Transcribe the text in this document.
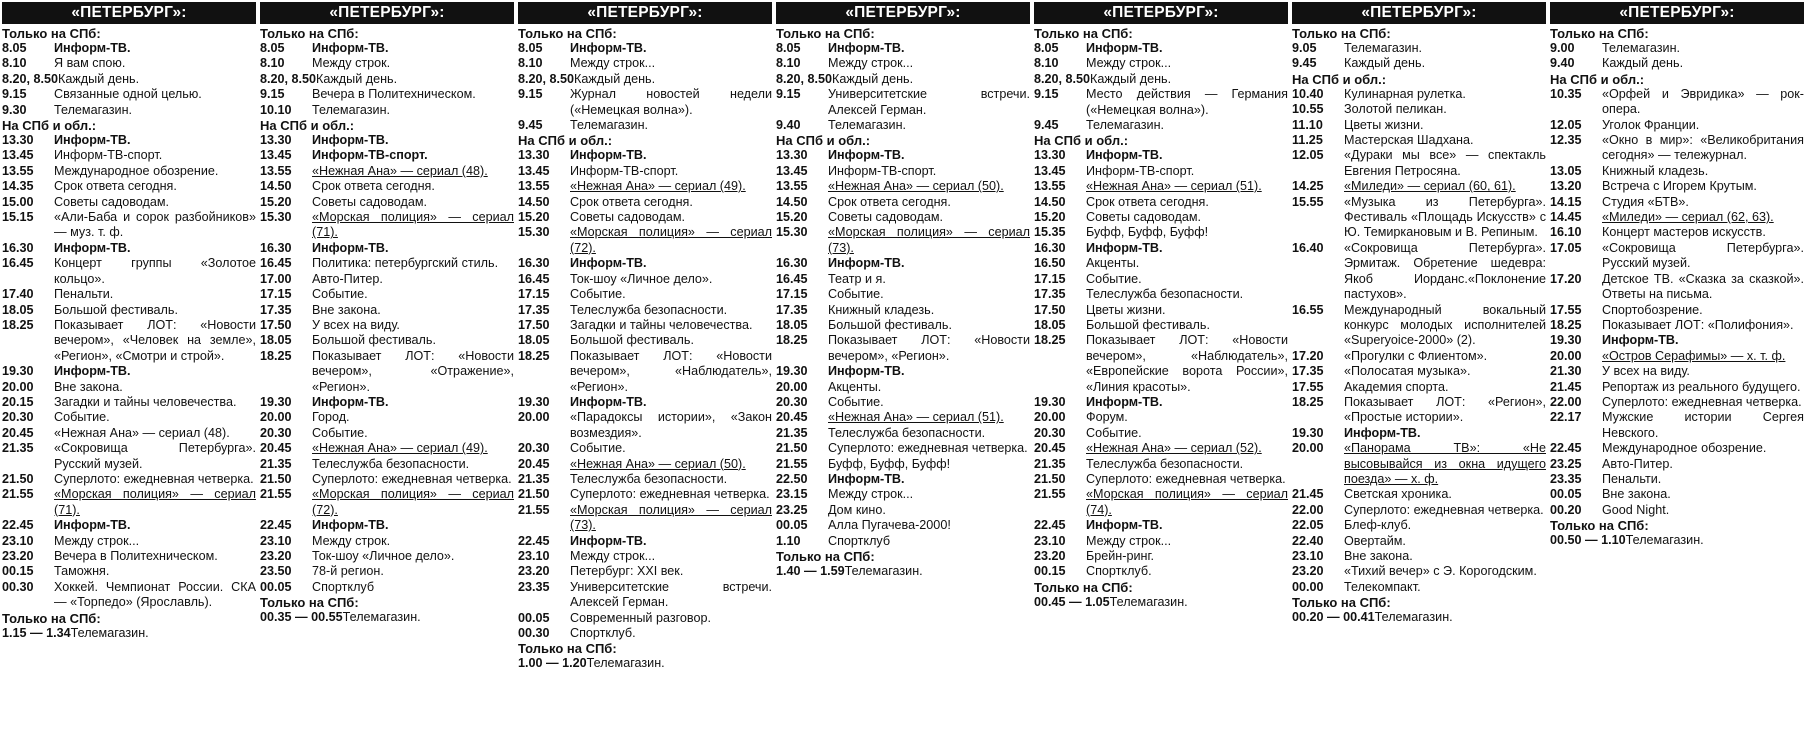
«ПЕТЕРБУРГ»:
Только на СПб:
8.05	Информ-ТВ.
8.10	Я вам спою.
8.20, 8.50 Каждый день.
9.15	Связанные одной целью.
9.30	Телемагазин.
На СПб и обл.:
13.30	Информ-ТВ.
13.45	Информ-ТВ-спорт.
13.55	Международное обозрение.
14.35	Срок ответа сегодня.
15.00	Советы садоводам.
15.15	«Али-Баба и сорок разбойников» — муз. т. ф.
16.30	Информ-ТВ.
16.45	Концерт группы «Золотое кольцо».
17.40	Пенальти.
18.05	Большой фестиваль.
18.25	Показывает ЛОТ: «Новости вечером», «Человек на земле», «Регион», «Смотри и строй».
19.30	Информ-ТВ.
20.00	Вне закона.
20.15	Загадки и тайны человечества.
20.30	Событие.
20.45	«Нежная Ана» — сериал (48).
21.35	«Сокровища Петербурга». Русский музей.
21.50	Суперлото: ежедневная четверка.
21.55	«Морская полиция» — сериал (71).
22.45	Информ-ТВ.
23.10	Между строк...
23.20	Вечера в Политехническом.
00.15	Таможня.
00.30	Хоккей. Чемпионат России. СКА — «Торпедо» (Ярославль).
Только на СПб:
1.15 — 1.34 Телемагазин.
«ПЕТЕРБУРГ»:
Только на СПб:
8.05	Информ-ТВ.
8.10	Между строк.
8.20, 8.50 Каждый день.
9.15	Вечера в Политехническом.
10.10	Телемагазин.
На СПб и обл.:
13.30	Информ-ТВ.
13.45	Информ-ТВ-спорт.
13.55	«Нежная Ана» — сериал (48).
14.50	Срок ответа сегодня.
15.20	Советы садоводам.
15.30	«Морская полиция» — сериал (71).
16.30	Информ-ТВ.
16.45	Политика: петербургский стиль.
17.00	Авто-Питер.
17.15	Событие.
17.35	Вне закона.
17.50	У всех на виду.
18.05	Большой фестиваль.
18.25	Показывает ЛОТ: «Новости вечером», «Отражение», «Регион».
19.30	Информ-ТВ.
20.00	Город.
20.30	Событие.
20.45	«Нежная Ана» — сериал (49).
21.35	Телеслужба безопасности.
21.50	Суперлото: ежедневная четверка.
21.55	«Морская полиция» — сериал (72).
22.45	Информ-ТВ.
23.10	Между строк.
23.20	Ток-шоу «Личное дело».
23.50	78-й регион.
00.05	Спортклуб
Только на СПб:
00.35 — 00.55 Телемагазин.
«ПЕТЕРБУРГ»:
Только на СПб:
8.05	Информ-ТВ.
8.10	Между строк...
8.20, 8.50 Каждый день.
9.15	Журнал новостей недели («Немецкая волна»).
9.45	Телемагазин.
На СПб и обл.:
13.30	Информ-ТВ.
13.45	Информ-ТВ-спорт.
13.55	«Нежная Ана» — сериал (49).
14.50	Срок ответа сегодня.
15.20	Советы садоводам.
15.30	«Морская полиция» — сериал (72).
16.30	Информ-ТВ.
16.45	Ток-шоу «Личное дело».
17.15	Событие.
17.35	Телеслужба безопасности.
17.50	Загадки и тайны человечества.
18.05	Большой фестиваль.
18.25	Показывает ЛОТ: «Новости вечером», «Наблюдатель», «Регион».
19.30	Информ-ТВ.
20.00	«Парадоксы истории», «Закон возмездия».
20.30	Событие.
20.45	«Нежная Ана» — сериал (50).
21.35	Телеслужба безопасности.
21.50	Суперлото: ежедневная четверка.
21.55	«Морская полиция» — сериал (73).
22.45	Информ-ТВ.
23.10	Между строк...
23.20	Петербург: XXI век.
23.35	Университетские встречи. Алексей Герман.
00.05	Современный разговор.
00.30	Спортклуб.
Только на СПб:
1.00 — 1.20 Телемагазин.
«ПЕТЕРБУРГ»:
Только на СПб:
8.05	Информ-ТВ.
8.10	Между строк...
8.20, 8.50 Каждый день.
9.15	Университетские встречи. Алексей Герман.
9.40	Телемагазин.
На СПб и обл.:
13.30	Информ-ТВ.
13.45	Информ-ТВ-спорт.
13.55	«Нежная Ана» — сериал (50).
14.50	Срок ответа сегодня.
15.20	Советы садоводам.
15.30	«Морская полиция» — сериал (73).
16.30	Информ-ТВ.
16.45	Театр и я.
17.15	Событие.
17.35	Книжный кладезь.
18.05	Большой фестиваль.
18.25	Показывает ЛОТ: «Новости вечером», «Регион».
19.30	Информ-ТВ.
20.00	Акценты.
20.30	Событие.
20.45	«Нежная Ана» — сериал (51).
21.35	Телеслужба безопасности.
21.50	Суперлото: ежедневная четверка.
21.55	Буфф, Буфф, Буфф!
22.50	Информ-ТВ.
23.15	Между строк...
23.25	Дом кино.
00.05	Алла Пугачева-2000!
1.10	Спортклуб
Только на СПб:
1.40 — 1.59 Телемагазин.
«ПЕТЕРБУРГ»:
Только на СПб:
8.05	Информ-ТВ.
8.10	Между строк...
8.20, 8.50 Каждый день.
9.15	Место действия — Германия («Немецкая волна»).
9.45	Телемагазин.
На СПб и обл.:
13.30	Информ-ТВ.
13.45	Информ-ТВ-спорт.
13.55	«Нежная Ана» — сериал (51).
14.50	Срок ответа сегодня.
15.20	Советы садоводам.
15.35	Буфф, Буфф, Буфф!
16.30	Информ-ТВ.
16.50	Акценты.
17.15	Событие.
17.35	Телеслужба безопасности.
17.50	Цветы жизни.
18.05	Большой фестиваль.
18.25	Показывает ЛОТ: «Новости вечером», «Наблюдатель», «Европейские ворота России», «Линия красоты».
19.30	Информ-ТВ.
20.00	Форум.
20.30	Событие.
20.45	«Нежная Ана» — сериал (52).
21.35	Телеслужба безопасности.
21.50	Суперлото: ежедневная четверка.
21.55	«Морская полиция» — сериал (74).
22.45	Информ-ТВ.
23.10	Между строк...
23.20	Брейн-ринг.
00.15	Спортклуб.
Только на СПб:
00.45 — 1.05 Телемагазин.
«ПЕТЕРБУРГ»:
Только на СПб:
9.05	Телемагазин.
9.45	Каждый день.
На СПб и обл.:
10.40	Кулинарная рулетка.
10.55	Золотой пеликан.
11.10	Цветы жизни.
11.25	Мастерская Шадхана.
12.05	«Дураки мы все» — спектакль Евгения Петросяна.
14.25	«Миледи» — сериал (60, 61).
15.55	«Музыка из Петербурга». Фестиваль «Площадь Искусств» с Ю. Темиркановым и В. Репиным.
16.40	«Сокровища Петербурга». Эрмитаж. Обретение шедевра: Якоб Иорданс.«Поклонение пастухов».
16.55	Международный вокальный конкурс молодых исполнителей «Superyoice-2000» (2).
17.20	«Прогулки с Флиентом».
17.35	«Полосатая музыка».
17.55	Академия спорта.
18.25	Показывает ЛОТ: «Регион», «Простые истории».
19.30	Информ-ТВ.
20.00	«Панорама ТВ»: «Не высовывайся из окна идущего поезда» — х. ф.
21.45	Светская хроника.
22.00	Суперлото: ежедневная четверка.
22.05	Блеф-клуб.
22.40	Овертайм.
23.10	Вне закона.
23.20	«Тихий вечер» с Э. Корогодским.
00.00	Телекомпакт.
Только на СПб:
00.20 — 00.41 Телемагазин.
«ПЕТЕРБУРГ»:
Только на СПб:
9.00	Телемагазин.
9.40	Каждый день.
На СПб и обл.:
10.35	«Орфей и Эвридика» — рок-опера.
12.05	Уголок Франции.
12.35	«Окно в мир»: «Великобритания сегодня» — тележурнал.
13.05	Книжный кладезь.
13.20	Встреча с Игорем Крутым.
14.15	Студия «БТВ».
14.45	«Миледи» — сериал (62, 63).
16.10	Концерт мастеров искусств.
17.05	«Сокровища Петербурга». Русский музей.
17.20	Детское ТВ. «Сказка за сказкой». Ответы на письма.
17.55	Спортобозрение.
18.25	Показывает ЛОТ: «Полифония».
19.30	Информ-ТВ.
20.00	«Остров Серафимы» — х. т. ф.
21.30	У всех на виду.
21.45	Репортаж из реального будущего.
22.00	Суперлото: ежедневная четверка.
22.17	Мужские истории Сергея Невского.
22.45	Международное обозрение.
23.25	Авто-Питер.
23.35	Пенальти.
00.05	Вне закона.
00.20	Good Night.
Только на СПб:
00.50 — 1.10 Телемагазин.
